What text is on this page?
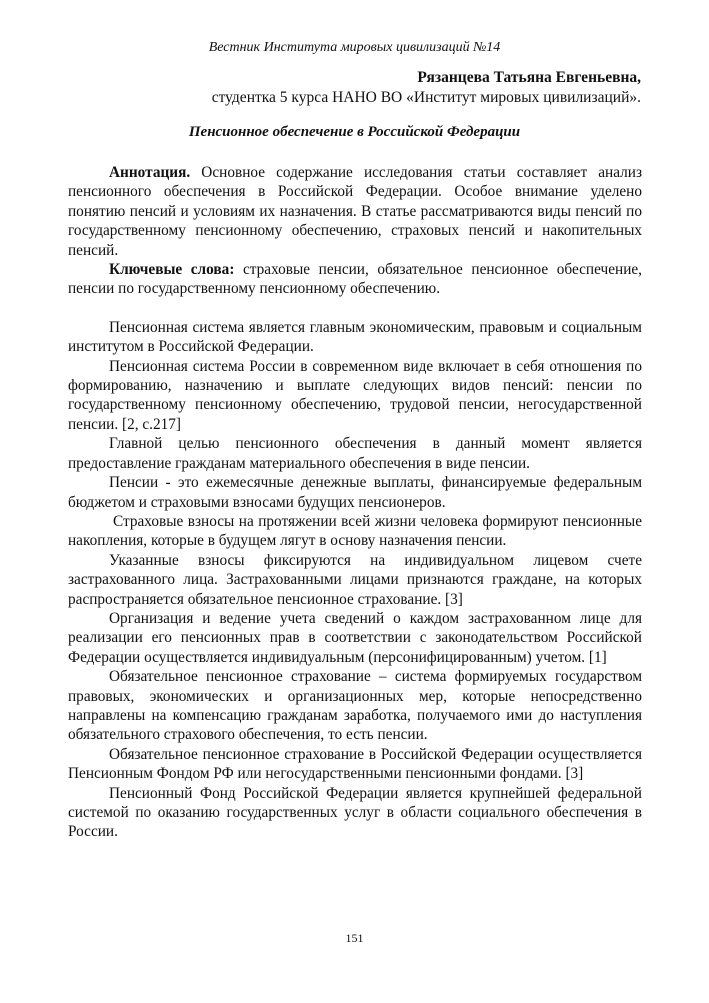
Вестник Института мировых цивилизаций №14
Рязанцева Татьяна Евгеньевна,
студентка 5 курса НАНО ВО «Институт мировых цивилизаций».
Пенсионное обеспечение в Российской Федерации

Аннотация. Основное содержание исследования статьи составляет анализ пенсионного обеспечения в Российской Федерации. Особое внимание уделено понятию пенсий и условиям их назначения. В статье рассматриваются виды пенсий по государственному пенсионному обеспечению, страховых пенсий и накопительных пенсий.

Ключевые слова: страховые пенсии, обязательное пенсионное обеспечение, пенсии по государственному пенсионному обеспечению.

Пенсионная система является главным экономическим, правовым и социальным институтом в Российской Федерации.

Пенсионная система России в современном виде включает в себя отношения по формированию, назначению и выплате следующих видов пенсий: пенсии по государственному пенсионному обеспечению, трудовой пенсии, негосударственной пенсии. [2, с.217]

Главной целью пенсионного обеспечения в данный момент является предоставление гражданам материального обеспечения в виде пенсии.

Пенсии - это ежемесячные денежные выплаты, финансируемые федеральным бюджетом и страховыми взносами будущих пенсионеров.

Страховые взносы на протяжении всей жизни человека формируют пенсионные накопления, которые в будущем лягут в основу назначения пенсии.

Указанные взносы фиксируются на индивидуальном лицевом счете застрахованного лица. Застрахованными лицами признаются граждане, на которых распространяется обязательное пенсионное страхование. [3]

Организация и ведение учета сведений о каждом застрахованном лице для реализации его пенсионных прав в соответствии с законодательством Российской Федерации осуществляется индивидуальным (персонифицированным) учетом. [1]

Обязательное пенсионное страхование – система формируемых государством правовых, экономических и организационных мер, которые непосредственно направлены на компенсацию гражданам заработка, получаемого ими до наступления обязательного страхового обеспечения, то есть пенсии.

Обязательное пенсионное страхование в Российской Федерации осуществляется Пенсионным Фондом РФ или негосударственными пенсионными фондами. [3]

Пенсионный Фонд Российской Федерации является крупнейшей федеральной системой по оказанию государственных услуг в области социального обеспечения в России.

151
